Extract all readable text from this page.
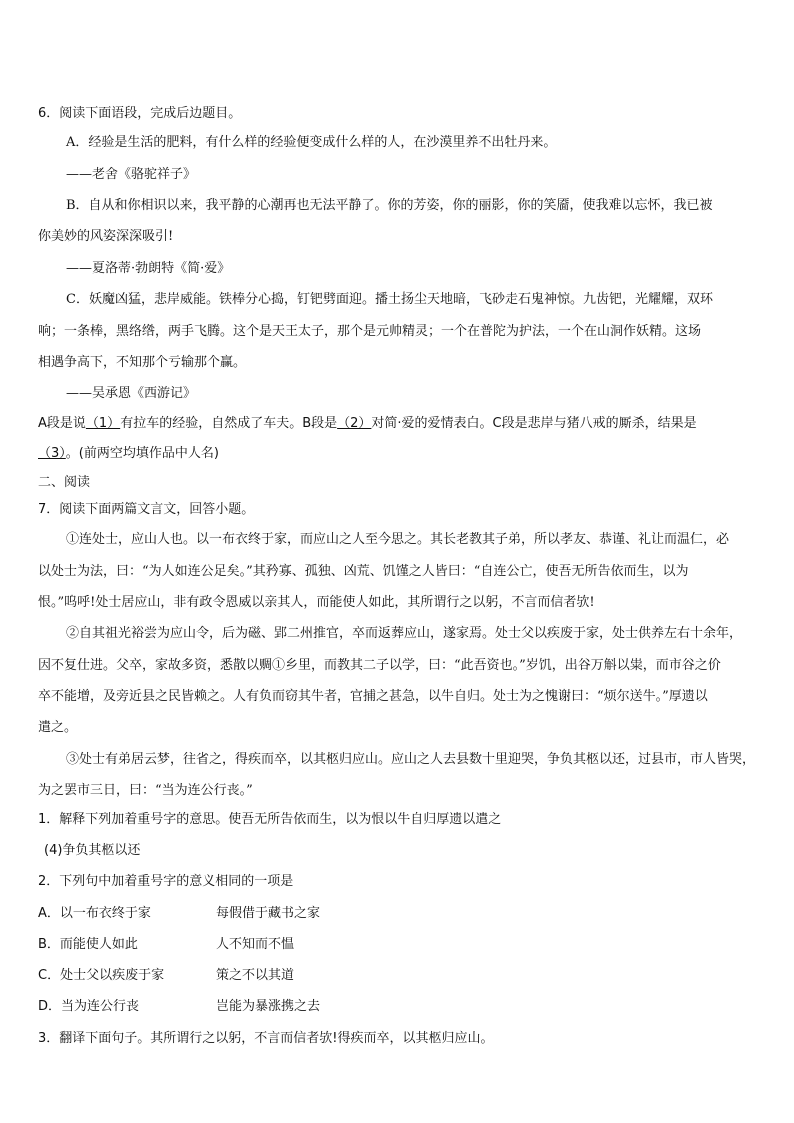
6．阅读下面语段，完成后边题目。
A．经验是生活的肥料，有什么样的经验便变成什么样的人，在沙漠里养不出牡丹来。
——老舍《骆驼祥子》
B．自从和你相识以来，我平静的心潮再也无法平静了。你的芳姿，你的丽影，你的笑靥，使我难以忘怀，我已被
你美妙的风姿深深吸引!
——夏洛蒂·勃朗特《简·爱》
C．妖魔凶猛，悲岸威能。铁棒分心捣，钉钯劈面迎。播土扬尘天地暗，飞砂走石鬼神惊。九齿钯，光耀耀，双环
响；一条棒，黑络绺，两手飞腾。这个是天王太子，那个是元帅精灵；一个在普陀为护法，一个在山洞作妖精。这场
相遇争高下，不知那个亏输那个赢。
——吴承恩《西游记》
A段是说（1）有拉车的经验，自然成了车夫。B段是（2）对简·爱的爱情表白。C段是悲岸与猪八戒的厮杀，结果是
（3）。(前两空均填作品中人名)
二、阅读
7．阅读下面两篇文言文，回答小题。
①连处士，应山人也。以一布衣终于家，而应山之人至今思之。其长老教其子弟，所以孝友、恭谨、礼让而温仁，必
以处士为法，曰：“为人如连公足矣。”其矜寡、孤独、凶荒、饥馑之人皆曰：“自连公亡，使吾无所告依而生，以为
恨。”呜呼!处士居应山，非有政令恩威以亲其人，而能使人如此，其所谓行之以躬，不言而信者欤!
②自其祖光裕尝为应山令，后为磁、郢二州推官，卒而返葬应山，遂家焉。处士父以疾废于家，处士供养左右十余年，
因不复仕进。父卒，家故多资，悉散以赒①乡里，而教其二子以学，曰：“此吾资也。”岁饥，出谷万斛以粜，而市谷之价
卒不能增，及旁近县之民皆赖之。人有负而窃其牛者，官捕之甚急，以牛自归。处士为之愧谢曰：“烦尔送牛。”厚遗以
遣之。
③处士有弟居云梦，往省之，得疾而卒，以其柩归应山。应山之人去县数十里迎哭，争负其柩以还，过县市，市人皆哭，
为之罢市三日，曰：“当为连公行丧。”
1．解释下列加着重号字的意思。使吾无所告依而生，以为恨以牛自归厚遗以遣之
(4)争负其柩以还
2．下列句中加着重号字的意义相同的一项是
A．以一布衣终于家	每假借于藏书之家
B．而能使人如此	人不知而不愠
C．处士父以疾废于家	策之不以其道
D．当为连公行丧	岂能为暴涨携之去
3．翻译下面句子。其所谓行之以躬，不言而信者欤!得疾而卒，以其柩归应山。
